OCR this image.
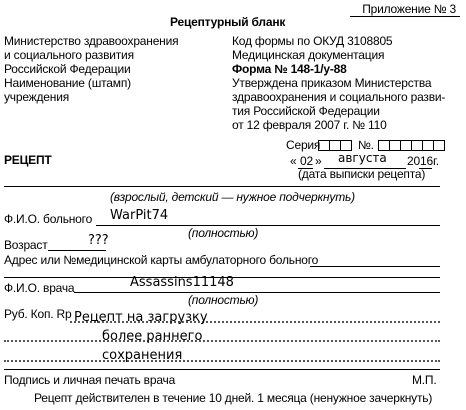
Приложение № 3
Рецептурный бланк
Министерство здравоохранения
и социального развития
Российской Федерации
Наименование (штамп)
учреждения
Код формы по ОКУД 3108805
Медицинская документация
Форма № 148-1/у-88
Утверждена приказом Министерства
здравоохранения и социального разви-
тия Российской Федерации
от 12 февраля 2007 г. № 110
РЕЦЕПТ
Серия	№.
« 02 » августа 20 16 г.
(дата выписки рецепта)
(взрослый, детский — нужное подчеркнуть)
Ф.И.О. больного WarPit74
(полностью)
Возраст	???
Адрес или №медицинской карты амбулаторного больного
Ф.И.О. врача	Assassins11148
(полностью)
Руб. Коп. Rp Рецепт на загрузку
более раннего
сохранения
Подпись и личная печать врача	М.П.
Рецепт действителен в течение 10 дней. 1 месяца (ненужное зачеркнуть)
